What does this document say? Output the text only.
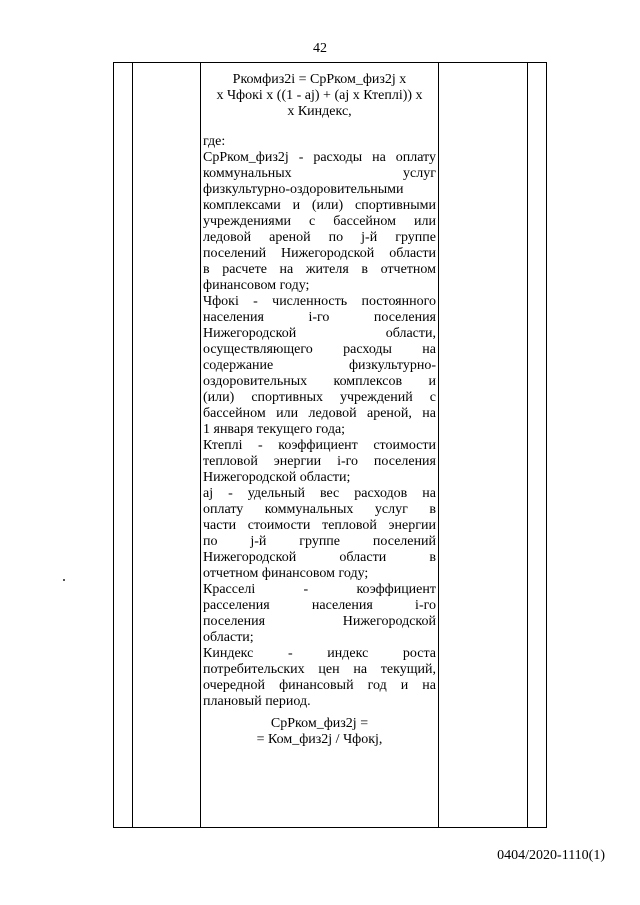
42
Ркомфиз2i = СрРком_физ2j х
х Чфокі х ((1 - aj) + (aj х Ктеплі)) х
х Киндекс,
где:
СрРком_физ2j - расходы на оплату
коммунальных услуг
физкультурно-оздоровительными
комплексами и (или) спортивными
учреждениями с бассейном или
ледовой ареной по j-й группе
поселений Нижегородской области
в расчете на жителя в отчетном
финансовом году;
Чфокі - численность постоянного
населения i-го поселения
Нижегородской области,
осуществляющего расходы на
содержание физкультурно-
оздоровительных комплексов и
(или) спортивных учреждений с
бассейном или ледовой ареной, на
1 января текущего года;
Ктеплі - коэффициент стоимости
тепловой энергии i-го поселения
Нижегородской области;
aj - удельный вес расходов на
оплату коммунальных услуг в
части стоимости тепловой энергии
по j-й группе поселений
Нижегородской области в
отчетном финансовом году;
Красселі - коэффициент
расселения населения i-го
поселения Нижегородской
области;
Киндекс - индекс роста
потребительских цен на текущий,
очередной финансовый год и на
плановый период.
СрРком_физ2j =
= Ком_физ2j / Чфокj,
0404/2020-1110(1)
